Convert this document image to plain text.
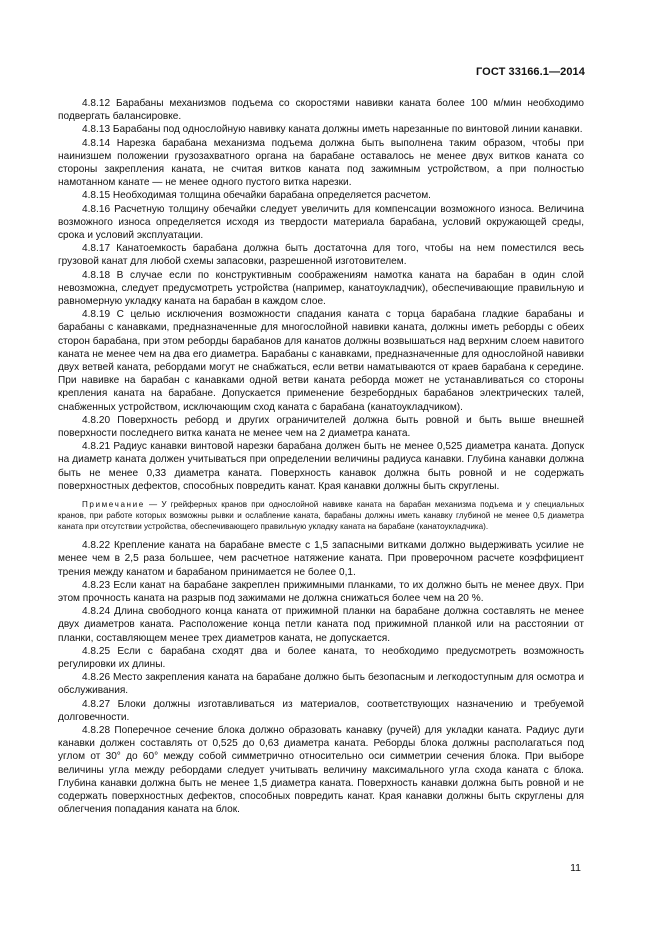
ГОСТ 33166.1—2014

4.8.12 Барабаны механизмов подъема со скоростями навивки каната более 100 м/мин необходимо подвергать балансировке.

4.8.13 Барабаны под однослойную навивку каната должны иметь нарезанные по винтовой линии канавки.

4.8.14 Нарезка барабана механизма подъема должна быть выполнена таким образом, чтобы при наинизшем положении грузозахватного органа на барабане оставалось не менее двух витков каната со стороны закрепления каната, не считая витков каната под зажимным устройством, а при полностью намотанном канате — не менее одного пустого витка нарезки.

4.8.15 Необходимая толщина обечайки барабана определяется расчетом.

4.8.16 Расчетную толщину обечайки следует увеличить для компенсации возможного износа. Величина возможного износа определяется исходя из твердости материала барабана, условий окружающей среды, срока и условий эксплуатации.

4.8.17 Канатоемкость барабана должна быть достаточна для того, чтобы на нем поместился весь грузовой канат для любой схемы запасовки, разрешенной изготовителем.

4.8.18 В случае если по конструктивным соображениям намотка каната на барабан в один слой невозможна, следует предусмотреть устройства (например, канатоукладчик), обеспечивающие правильную и равномерную укладку каната на барабан в каждом слое.

4.8.19 С целью исключения возможности спадания каната с торца барабана гладкие барабаны и барабаны с канавками, предназначенные для многослойной навивки каната, должны иметь реборды с обеих сторон барабана, при этом реборды барабанов для канатов должны возвышаться над верхним слоем навитого каната не менее чем на два его диаметра. Барабаны с канавками, предназначенные для однослойной навивки двух ветвей каната, ребордами могут не снабжаться, если ветви наматываются от краев барабана к середине. При навивке на барабан с канавками одной ветви каната реборда может не устанавливаться со стороны крепления каната на барабане. Допускается применение безребордных барабанов электрических талей, снабженных устройством, исключающим сход каната с барабана (канатоукладчиком).

4.8.20 Поверхность реборд и других ограничителей должна быть ровной и быть выше внешней поверхности последнего витка каната не менее чем на 2 диаметра каната.

4.8.21 Радиус канавки винтовой нарезки барабана должен быть не менее 0,525 диаметра каната. Допуск на диаметр каната должен учитываться при определении величины радиуса канавки. Глубина канавки должна быть не менее 0,33 диаметра каната. Поверхность канавок должна быть ровной и не содержать поверхностных дефектов, способных повредить канат. Края канавки должны быть скруглены.

Примечание — У грейферных кранов при однослойной навивке каната на барабан механизма подъема и у специальных кранов, при работе которых возможны рывки и ослабление каната, барабаны должны иметь канавку глубиной не менее 0,5 диаметра каната при отсутствии устройства, обеспечивающего правильную укладку каната на барабане (канатоукладчика).

4.8.22 Крепление каната на барабане вместе с 1,5 запасными витками должно выдерживать усилие не менее чем в 2,5 раза большее, чем расчетное натяжение каната. При проверочном расчете коэффициент трения между канатом и барабаном принимается не более 0,1.

4.8.23 Если канат на барабане закреплен прижимными планками, то их должно быть не менее двух. При этом прочность каната на разрыв под зажимами не должна снижаться более чем на 20 %.

4.8.24 Длина свободного конца каната от прижимной планки на барабане должна составлять не менее двух диаметров каната. Расположение конца петли каната под прижимной планкой или на расстоянии от планки, составляющем менее трех диаметров каната, не допускается.

4.8.25 Если с барабана сходят два и более каната, то необходимо предусмотреть возможность регулировки их длины.

4.8.26 Место закрепления каната на барабане должно быть безопасным и легкодоступным для осмотра и обслуживания.

4.8.27 Блоки должны изготавливаться из материалов, соответствующих назначению и требуемой долговечности.

4.8.28 Поперечное сечение блока должно образовать канавку (ручей) для укладки каната. Радиус дуги канавки должен составлять от 0,525 до 0,63 диаметра каната. Реборды блока должны располагаться под углом от 30° до 60° между собой симметрично относительно оси симметрии сечения блока. При выборе величины угла между ребордами следует учитывать величину максимального угла схода каната с блока. Глубина канавки должна быть не менее 1,5 диаметра каната. Поверхность канавки должна быть ровной и не содержать поверхностных дефектов, способных повредить канат. Края канавки должны быть скруглены для облегчения попадания каната на блок.

11
